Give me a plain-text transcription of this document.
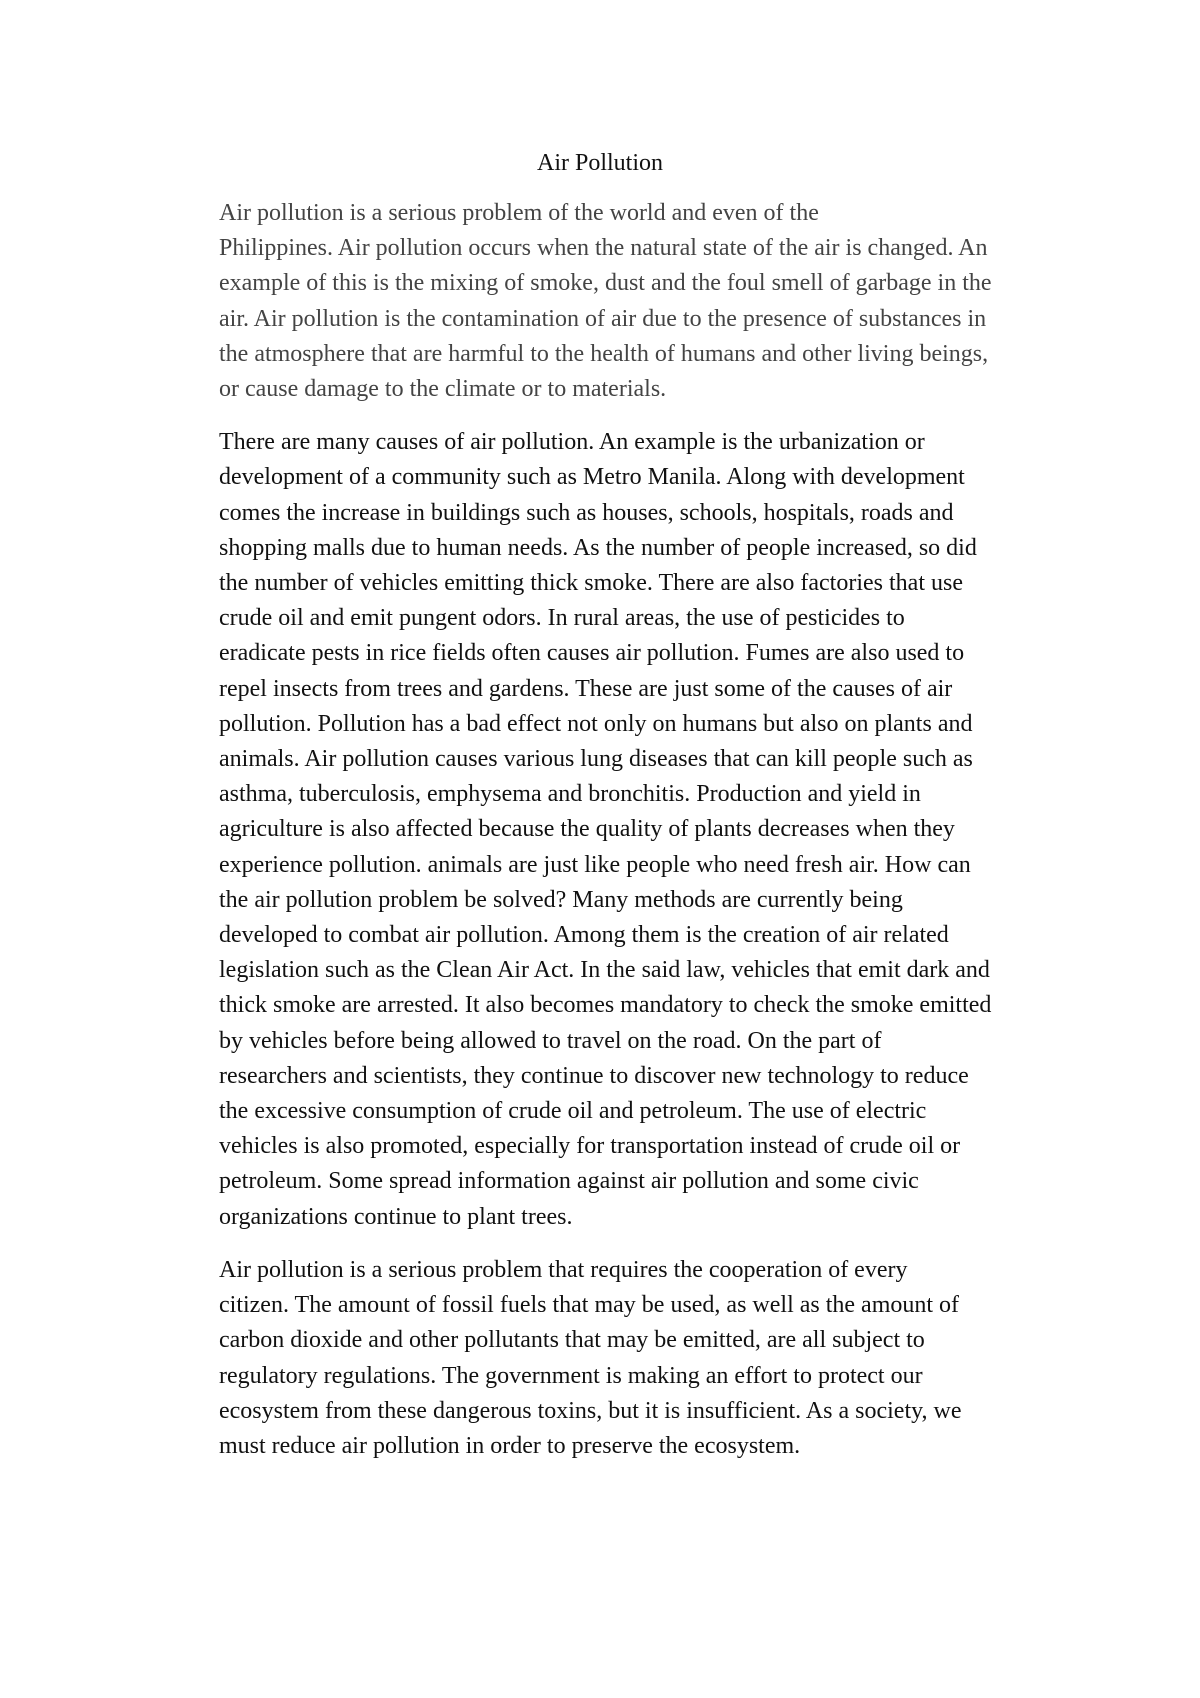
Air Pollution

Air pollution is a serious problem of the world and even of the
Philippines. Air pollution occurs when the natural state of the air is changed. An
example of this is the mixing of smoke, dust and the foul smell of garbage in the
air. Air pollution is the contamination of air due to the presence of substances in
the atmosphere that are harmful to the health of humans and other living beings,
or cause damage to the climate or to materials.

There are many causes of air pollution. An example is the urbanization or
development of a community such as Metro Manila. Along with development
comes the increase in buildings such as houses, schools, hospitals, roads and
shopping malls due to human needs. As the number of people increased, so did
the number of vehicles emitting thick smoke. There are also factories that use
crude oil and emit pungent odors. In rural areas, the use of pesticides to
eradicate pests in rice fields often causes air pollution. Fumes are also used to
repel insects from trees and gardens. These are just some of the causes of air
pollution. Pollution has a bad effect not only on humans but also on plants and
animals. Air pollution causes various lung diseases that can kill people such as
asthma, tuberculosis, emphysema and bronchitis. Production and yield in
agriculture is also affected because the quality of plants decreases when they
experience pollution. animals are just like people who need fresh air. How can
the air pollution problem be solved? Many methods are currently being
developed to combat air pollution. Among them is the creation of air related
legislation such as the Clean Air Act. In the said law, vehicles that emit dark and
thick smoke are arrested. It also becomes mandatory to check the smoke emitted
by vehicles before being allowed to travel on the road. On the part of
researchers and scientists, they continue to discover new technology to reduce
the excessive consumption of crude oil and petroleum. The use of electric
vehicles is also promoted, especially for transportation instead of crude oil or
petroleum. Some spread information against air pollution and some civic
organizations continue to plant trees.

Air pollution is a serious problem that requires the cooperation of every
citizen. The amount of fossil fuels that may be used, as well as the amount of
carbon dioxide and other pollutants that may be emitted, are all subject to
regulatory regulations. The government is making an effort to protect our
ecosystem from these dangerous toxins, but it is insufficient. As a society, we
must reduce air pollution in order to preserve the ecosystem.
